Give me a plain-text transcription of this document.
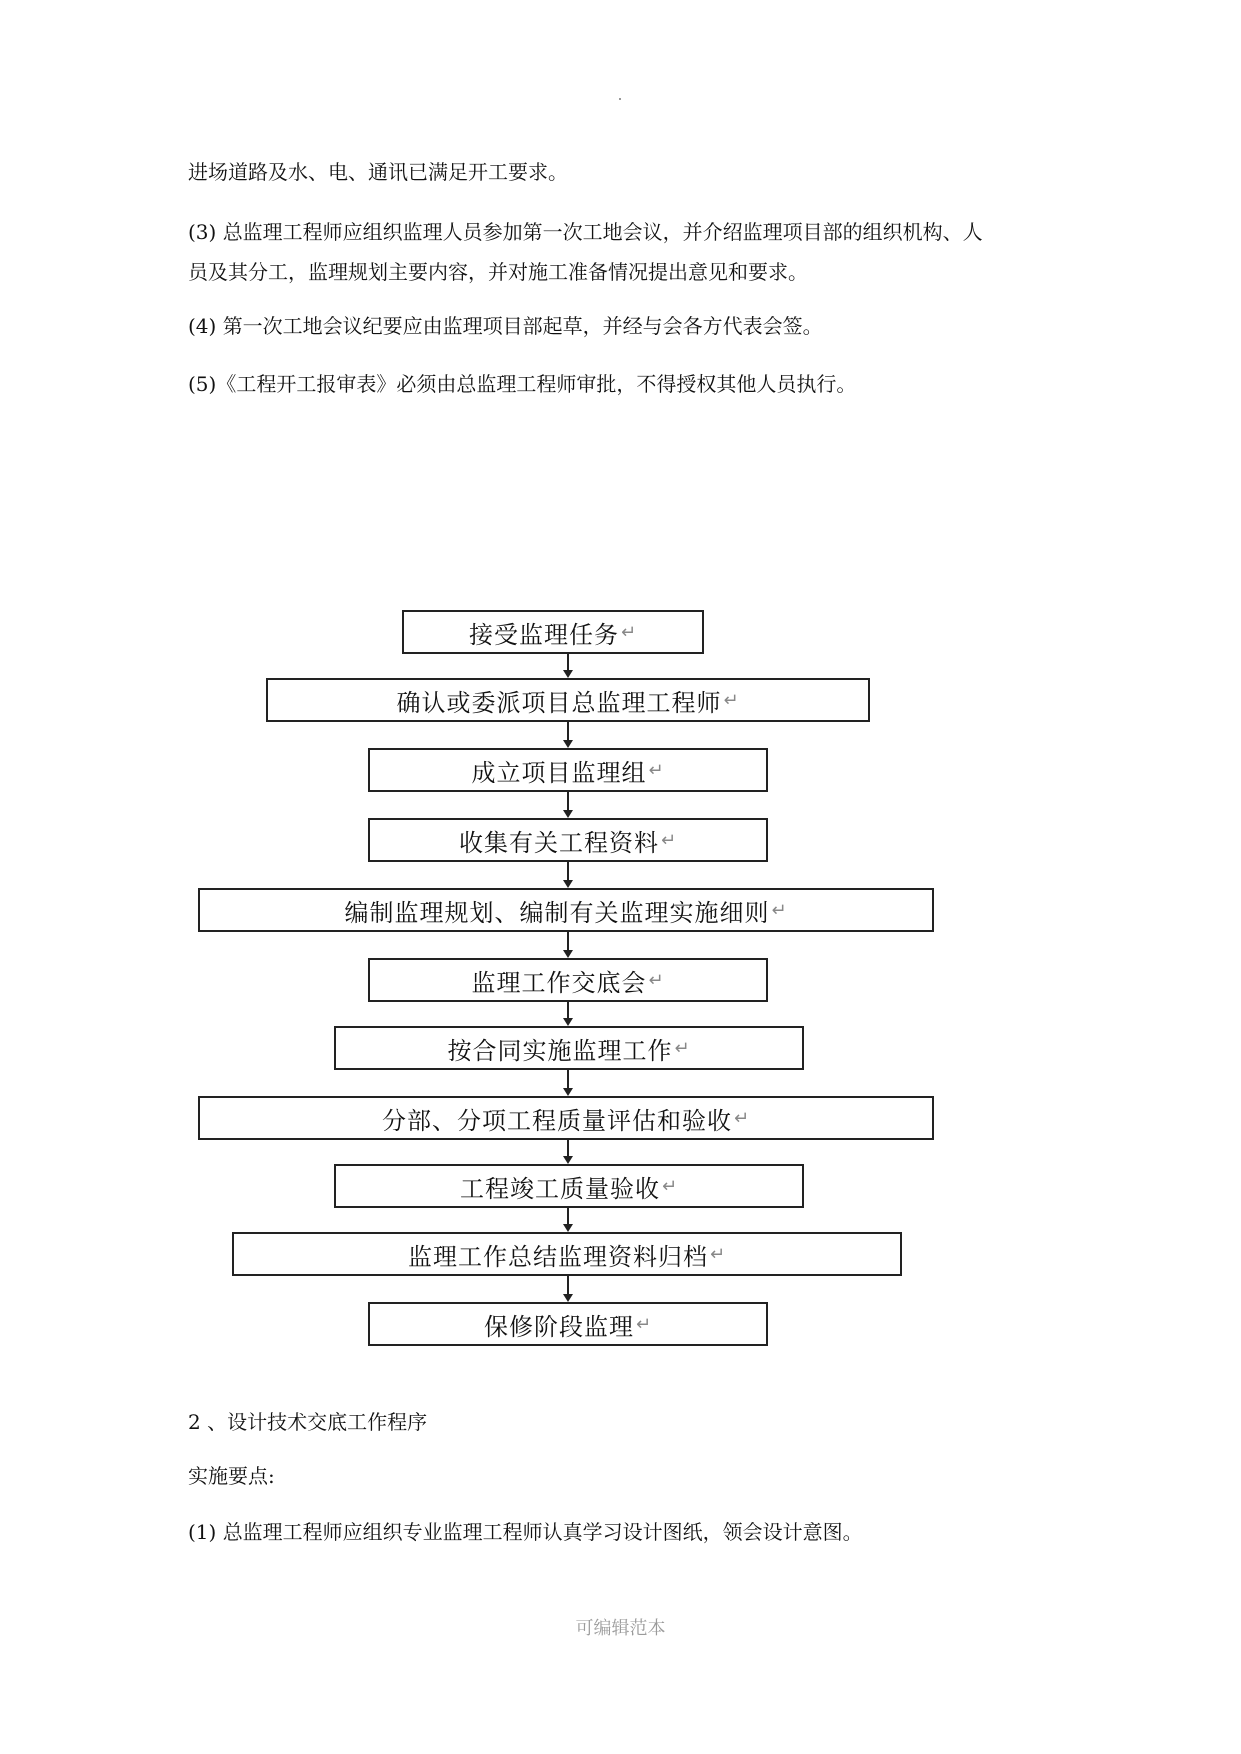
进场道路及水、电、通讯已满足开工要求。
(3) 总监理工程师应组织监理人员参加第一次工地会议，并介绍监理项目部的组织机构、人
员及其分工，监理规划主要内容，并对施工准备情况提出意见和要求。
(4) 第一次工地会议纪要应由监理项目部起草，并经与会各方代表会签。
(5)《工程开工报审表》必须由总监理工程师审批，不得授权其他人员执行。
接受监理任务 ↵
确认或委派项目总监理工程师 ↵
成立项目监理组 ↵
收集有关工程资料 ↵
编制监理规划、编制有关监理实施细则 ↵
监理工作交底会 ↵
按合同实施监理工作 ↵
分部、分项工程质量评估和验收 ↵
工程竣工质量验收 ↵
监理工作总结监理资料归档 ↵
保修阶段监理 ↵
2 、设计技术交底工作程序
实施要点:
(1) 总监理工程师应组织专业监理工程师认真学习设计图纸，领会设计意图。
可编辑范本
